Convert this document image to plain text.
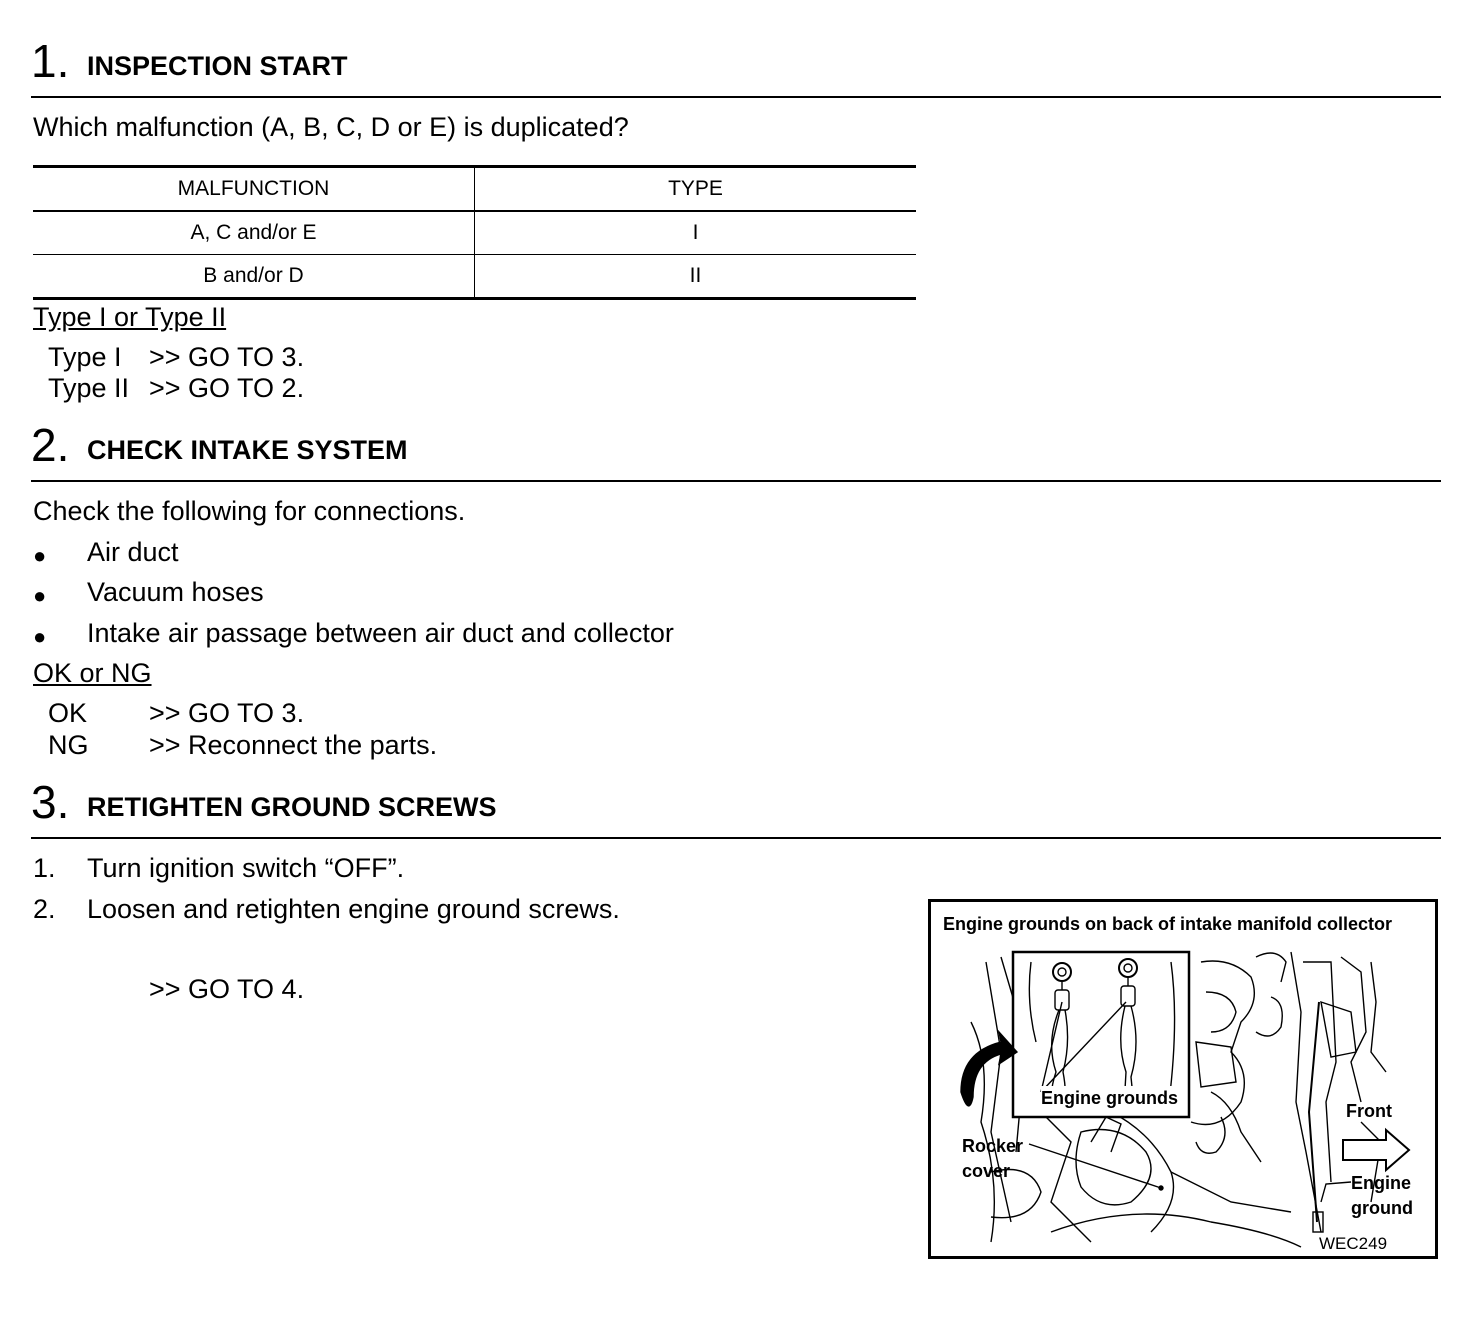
1. INSPECTION START
Which malfunction (A, B, C, D or E) is duplicated?
MALFUNCTION	TYPE
A, C and/or E	I
B and/or D	II
Type I or Type II
Type I >> GO TO 3.
Type II >> GO TO 2.
2. CHECK INTAKE SYSTEM
Check the following for connections.
● Air duct
● Vacuum hoses
● Intake air passage between air duct and collector
OK or NG
OK >> GO TO 3.
NG >> Reconnect the parts.
3. RETIGHTEN GROUND SCREWS
1. Turn ignition switch “OFF”.
2. Loosen and retighten engine ground screws.
>> GO TO 4.
Engine grounds on back of intake manifold collector
Engine grounds
Front
Rocker
cover
Engine
ground
WEC249
